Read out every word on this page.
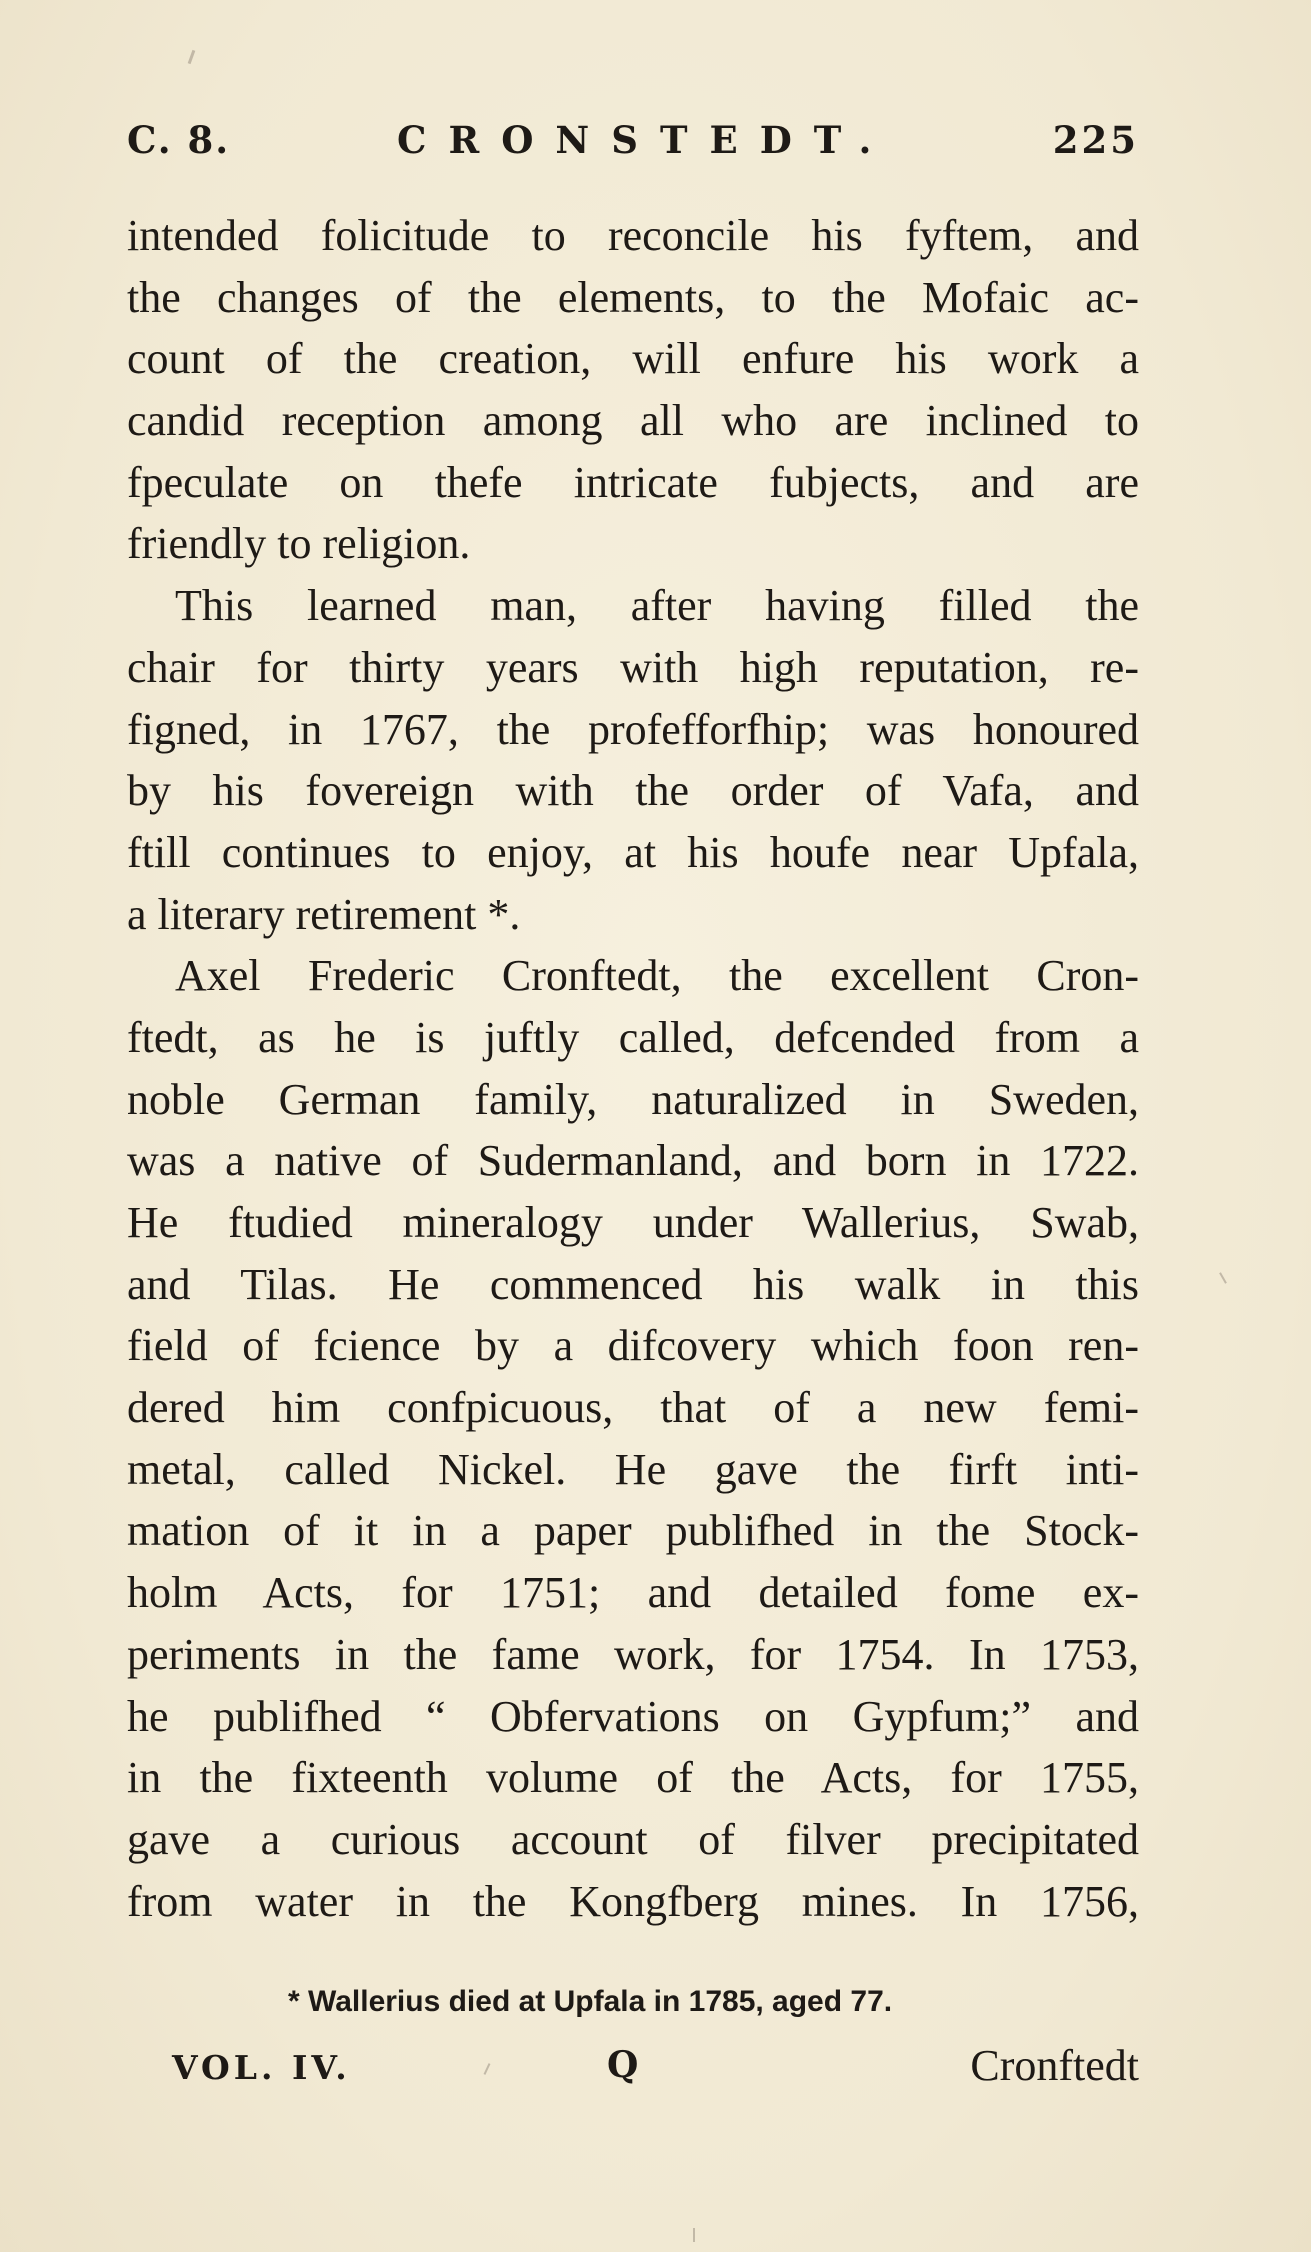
C. 8.	CRONSTEDT.	225
intended folicitude to reconcile his fyftem, and
the changes of the elements, to the Mofaic ac-
count of the creation, will enfure his work a
candid reception among all who are inclined to
fpeculate on thefe intricate fubjects, and are
friendly to religion.
This learned man, after having filled the
chair for thirty years with high reputation, re-
figned, in 1767, the profefforfhip; was honoured
by his fovereign with the order of Vafa, and
ftill continues to enjoy, at his houfe near Upfala,
a literary retirement *.
Axel Frederic Cronftedt, the excellent Cron-
ftedt, as he is juftly called, defcended from a
noble German family, naturalized in Sweden,
was a native of Sudermanland, and born in 1722.
He ftudied mineralogy under Wallerius, Swab,
and Tilas. He commenced his walk in this
field of fcience by a difcovery which foon ren-
dered him confpicuous, that of a new femi-
metal, called Nickel. He gave the firft inti-
mation of it in a paper publifhed in the Stock-
holm Acts, for 1751; and detailed fome ex-
periments in the fame work, for 1754. In 1753,
he publifhed “ Obfervations on Gypfum;” and
in the fixteenth volume of the Acts, for 1755,
gave a curious account of filver precipitated
from water in the Kongfberg mines. In 1756,
* Wallerius died at Upfala in 1785, aged 77.
VOL. IV.	Q	Cronftedt
